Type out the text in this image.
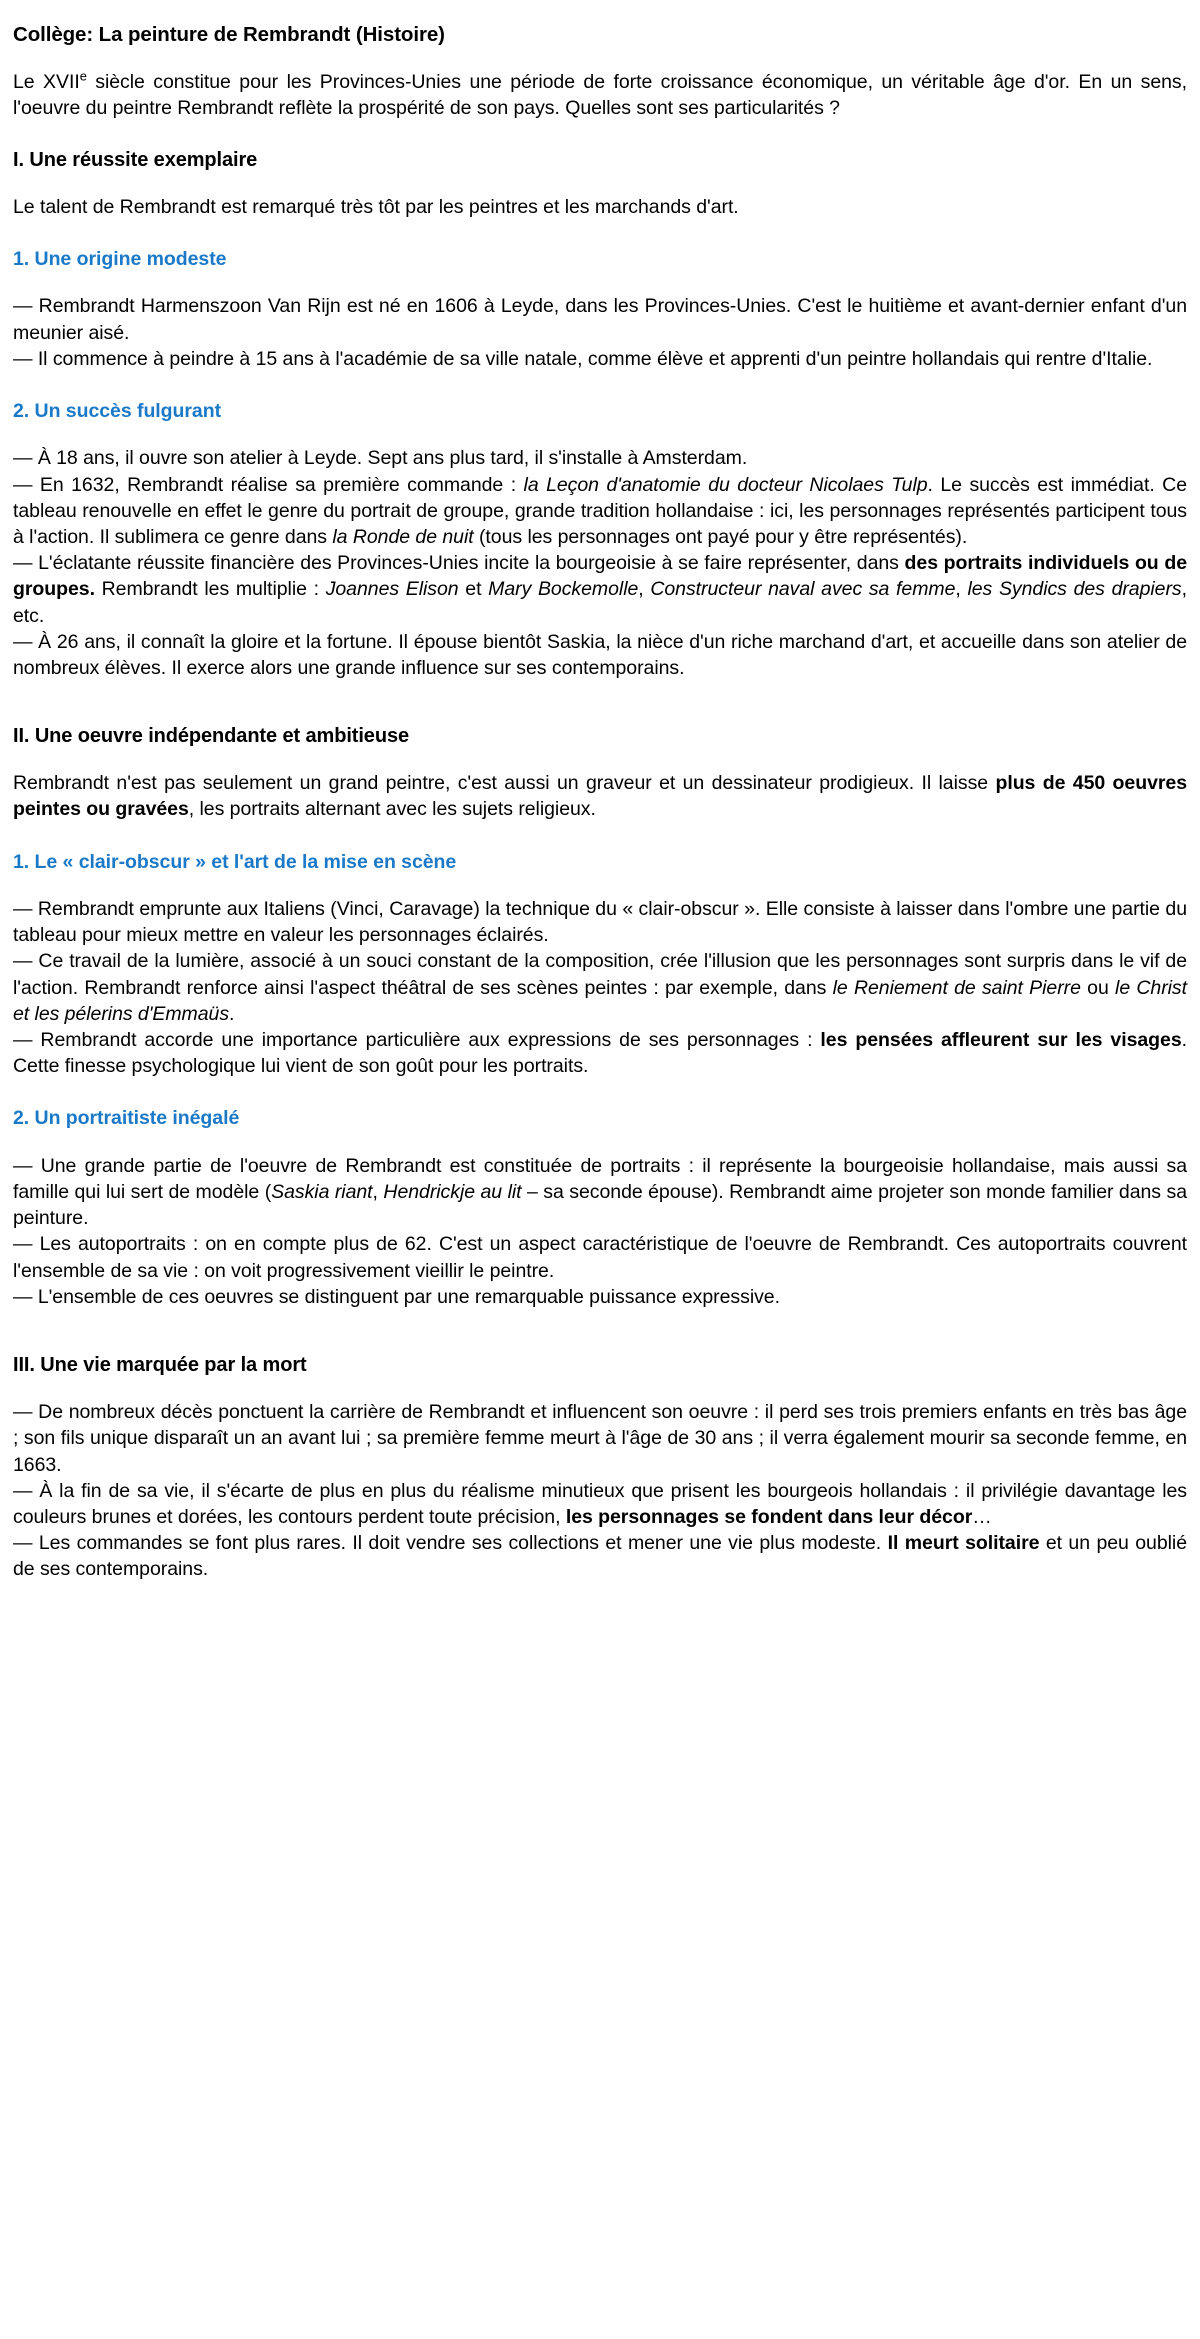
Collège: La peinture de Rembrandt (Histoire)

Le XVIIe siècle constitue pour les Provinces-Unies une période de forte croissance économique, un véritable âge d'or. En un sens, l'oeuvre du peintre Rembrandt reflète la prospérité de son pays. Quelles sont ses particularités ?

I. Une réussite exemplaire

Le talent de Rembrandt est remarqué très tôt par les peintres et les marchands d'art.

1. Une origine modeste
— Rembrandt Harmenszoon Van Rijn est né en 1606 à Leyde, dans les Provinces-Unies. C'est le huitième et avant-dernier enfant d'un meunier aisé.
— Il commence à peindre à 15 ans à l'académie de sa ville natale, comme élève et apprenti d'un peintre hollandais qui rentre d'Italie.
2. Un succès fulgurant
— À 18 ans, il ouvre son atelier à Leyde. Sept ans plus tard, il s'installe à Amsterdam.
— En 1632, Rembrandt réalise sa première commande : la Leçon d'anatomie du docteur Nicolaes Tulp. Le succès est immédiat. Ce tableau renouvelle en effet le genre du portrait de groupe, grande tradition hollandaise : ici, les personnages représentés participent tous à l'action. Il sublimera ce genre dans la Ronde de nuit (tous les personnages ont payé pour y être représentés).
— L'éclatante réussite financière des Provinces-Unies incite la bourgeoisie à se faire représenter, dans des portraits individuels ou de groupes. Rembrandt les multiplie : Joannes Elison et Mary Bockemolle, Constructeur naval avec sa femme, les Syndics des drapiers, etc.
— À 26 ans, il connaît la gloire et la fortune. Il épouse bientôt Saskia, la nièce d'un riche marchand d'art, et accueille dans son atelier de nombreux élèves. Il exerce alors une grande influence sur ses contemporains.
II. Une oeuvre indépendante et ambitieuse

Rembrandt n'est pas seulement un grand peintre, c'est aussi un graveur et un dessinateur prodigieux. Il laisse plus de 450 oeuvres peintes ou gravées, les portraits alternant avec les sujets religieux.

1. Le « clair-obscur » et l'art de la mise en scène
— Rembrandt emprunte aux Italiens (Vinci, Caravage) la technique du « clair-obscur ». Elle consiste à laisser dans l'ombre une partie du tableau pour mieux mettre en valeur les personnages éclairés.
— Ce travail de la lumière, associé à un souci constant de la composition, crée l'illusion que les personnages sont surpris dans le vif de l'action. Rembrandt renforce ainsi l'aspect théâtral de ses scènes peintes : par exemple, dans le Reniement de saint Pierre ou le Christ et les pélerins d'Emmaüs.
— Rembrandt accorde une importance particulière aux expressions de ses personnages : les pensées affleurent sur les visages. Cette finesse psychologique lui vient de son goût pour les portraits.
2. Un portraitiste inégalé
— Une grande partie de l'oeuvre de Rembrandt est constituée de portraits : il représente la bourgeoisie hollandaise, mais aussi sa famille qui lui sert de modèle (Saskia riant, Hendrickje au lit – sa seconde épouse). Rembrandt aime projeter son monde familier dans sa peinture.
— Les autoportraits : on en compte plus de 62. C'est un aspect caractéristique de l'oeuvre de Rembrandt. Ces autoportraits couvrent l'ensemble de sa vie : on voit progressivement vieillir le peintre.
— L'ensemble de ces oeuvres se distinguent par une remarquable puissance expressive.
III. Une vie marquée par la mort
— De nombreux décès ponctuent la carrière de Rembrandt et influencent son oeuvre : il perd ses trois premiers enfants en très bas âge ; son fils unique disparaît un an avant lui ; sa première femme meurt à l'âge de 30 ans ; il verra également mourir sa seconde femme, en 1663.
— À la fin de sa vie, il s'écarte de plus en plus du réalisme minutieux que prisent les bourgeois hollandais : il privilégie davantage les couleurs brunes et dorées, les contours perdent toute précision, les personnages se fondent dans leur décor…
— Les commandes se font plus rares. Il doit vendre ses collections et mener une vie plus modeste. Il meurt solitaire et un peu oublié de ses contemporains.
